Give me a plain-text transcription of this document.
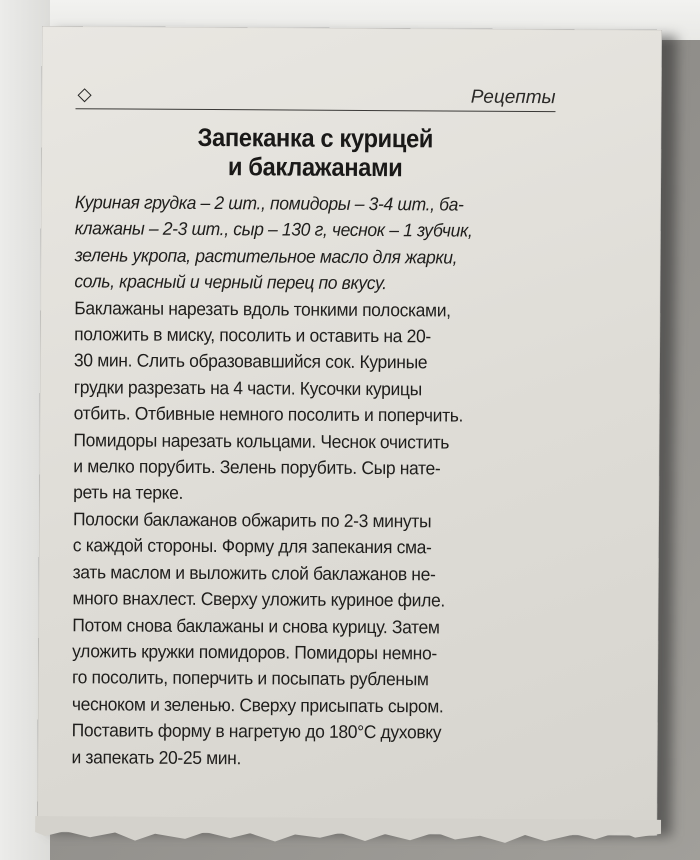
Рецепты
Запеканка с курицей
и баклажанами

Куриная грудка – 2 шт., помидоры – 3-4 шт., ба-
клажаны – 2-3 шт., сыр – 130 г, чеснок – 1 зубчик,
зелень укропа, растительное масло для жарки,
соль, красный и черный перец по вкусу.

Баклажаны нарезать вдоль тонкими полосками,
положить в миску, посолить и оставить на 20-
30 мин. Слить образовавшийся сок. Куриные
грудки разрезать на 4 части. Кусочки курицы
отбить. Отбивные немного посолить и поперчить.
Помидоры нарезать кольцами. Чеснок очистить
и мелко порубить. Зелень порубить. Сыр нате-
реть на терке.

Полоски баклажанов обжарить по 2-3 минуты
с каждой стороны. Форму для запекания сма-
зать маслом и выложить слой баклажанов не-
много внахлест. Сверху уложить куриное филе.
Потом снова баклажаны и снова курицу. Затем
уложить кружки помидоров. Помидоры немно-
го посолить, поперчить и посыпать рубленым
чесноком и зеленью. Сверху присыпать сыром.
Поставить форму в нагретую до 180°С духовку
и запекать 20-25 мин.
